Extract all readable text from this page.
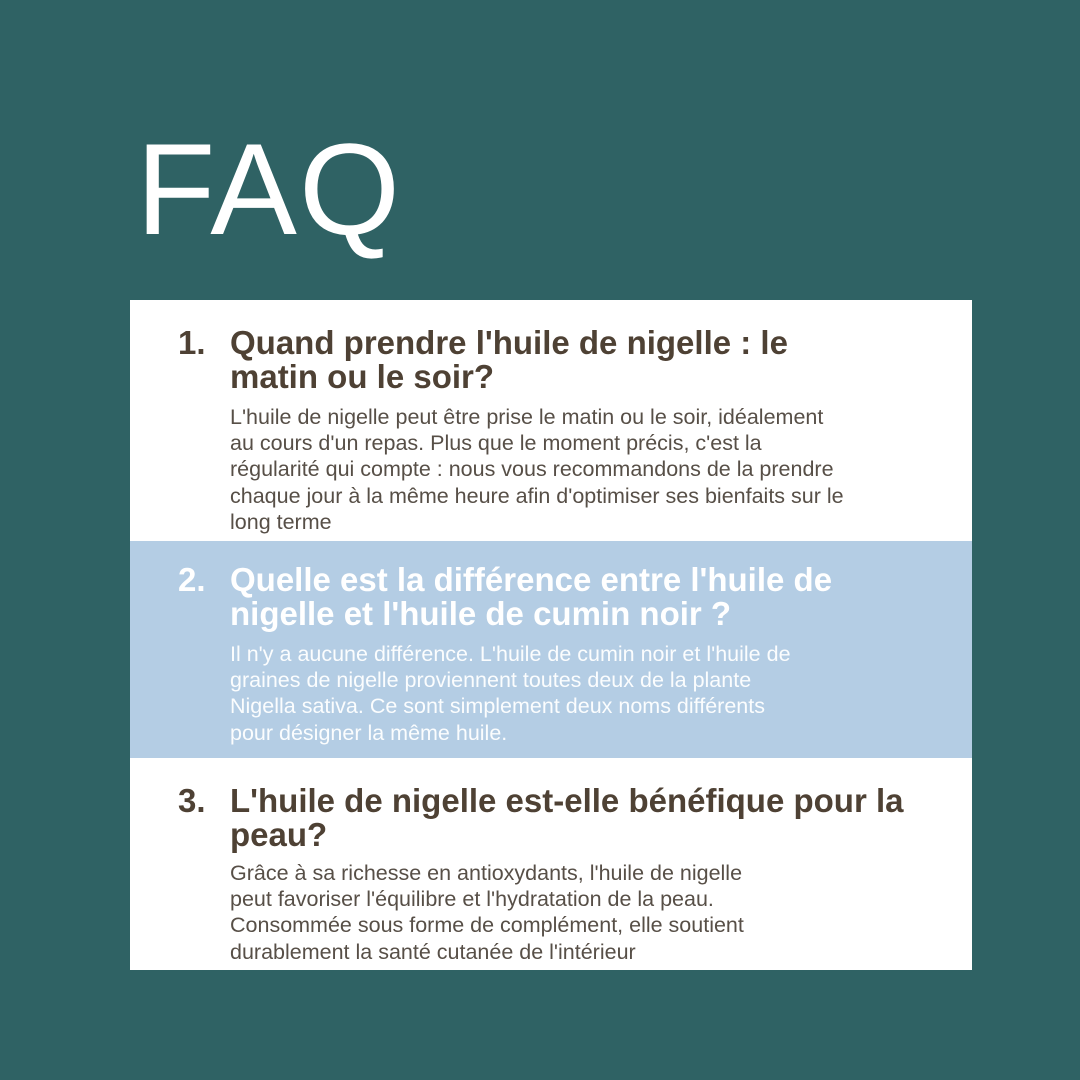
FAQ
1. Quand prendre l'huile de nigelle : le matin ou le soir?

L'huile de nigelle peut être prise le matin ou le soir, idéalement au cours d'un repas. Plus que le moment précis, c'est la régularité qui compte : nous vous recommandons de la prendre chaque jour à la même heure afin d'optimiser ses bienfaits sur le long terme

2. Quelle est la différence entre l'huile de nigelle et l'huile de cumin noir ?

Il n'y a aucune différence. L'huile de cumin noir et l'huile de graines de nigelle proviennent toutes deux de la plante Nigella sativa. Ce sont simplement deux noms différents pour désigner la même huile.

3. L'huile de nigelle est-elle bénéfique pour la peau?

Grâce à sa richesse en antioxydants, l'huile de nigelle peut favoriser l'équilibre et l'hydratation de la peau. Consommée sous forme de complément, elle soutient durablement la santé cutanée de l'intérieur
